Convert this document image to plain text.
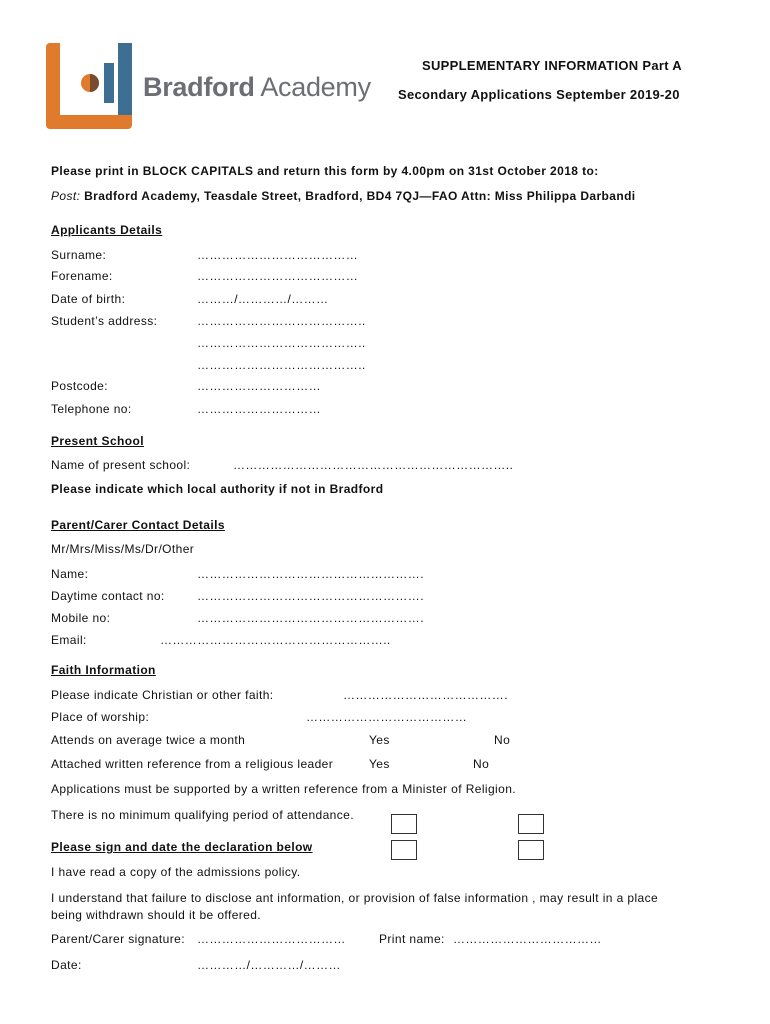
Bradford Academy
SUPPLEMENTARY INFORMATION Part A
Secondary Applications September 2019-20
Please print in BLOCK CAPITALS and return this form by 4.00pm on 31st October 2018 to:
Post: Bradford Academy, Teasdale Street, Bradford, BD4 7QJ—FAO Attn: Miss Philippa Darbandi
Applicants Details
Surname:	…………………………………
Forename:	…………………………………
Date of birth:	………/…………/………
Student’s address:	…………………………………..
…………………………………..
…………………………………..
Postcode:	…………………………
Telephone no:	…………………………
Present School
Name of present school:	…………………………………………………………..
Please indicate which local authority if not in Bradford
Parent/Carer Contact Details
Mr/Mrs/Miss/Ms/Dr/Other
Name:	……………………………………………….
Daytime contact no:	……………………………………………….
Mobile no:	……………………………………………….
Email:	………………………………………………..
Faith Information
Please indicate Christian or other faith:	………………………………….
Place of worship:	…………………………………
Attends on average twice a month	Yes	No
Attached written reference from a religious leader	Yes	No
Applications must be supported by a written reference from a Minister of Religion.
There is no minimum qualifying period of attendance.
Please sign and date the declaration below
I have read a copy of the admissions policy.
I understand that failure to disclose ant information, or provision of false information , may result in a place
being withdrawn should it be offered.
Parent/Carer signature: ………………………………	Print name: ………………………………
Date:	…………/…………/………
